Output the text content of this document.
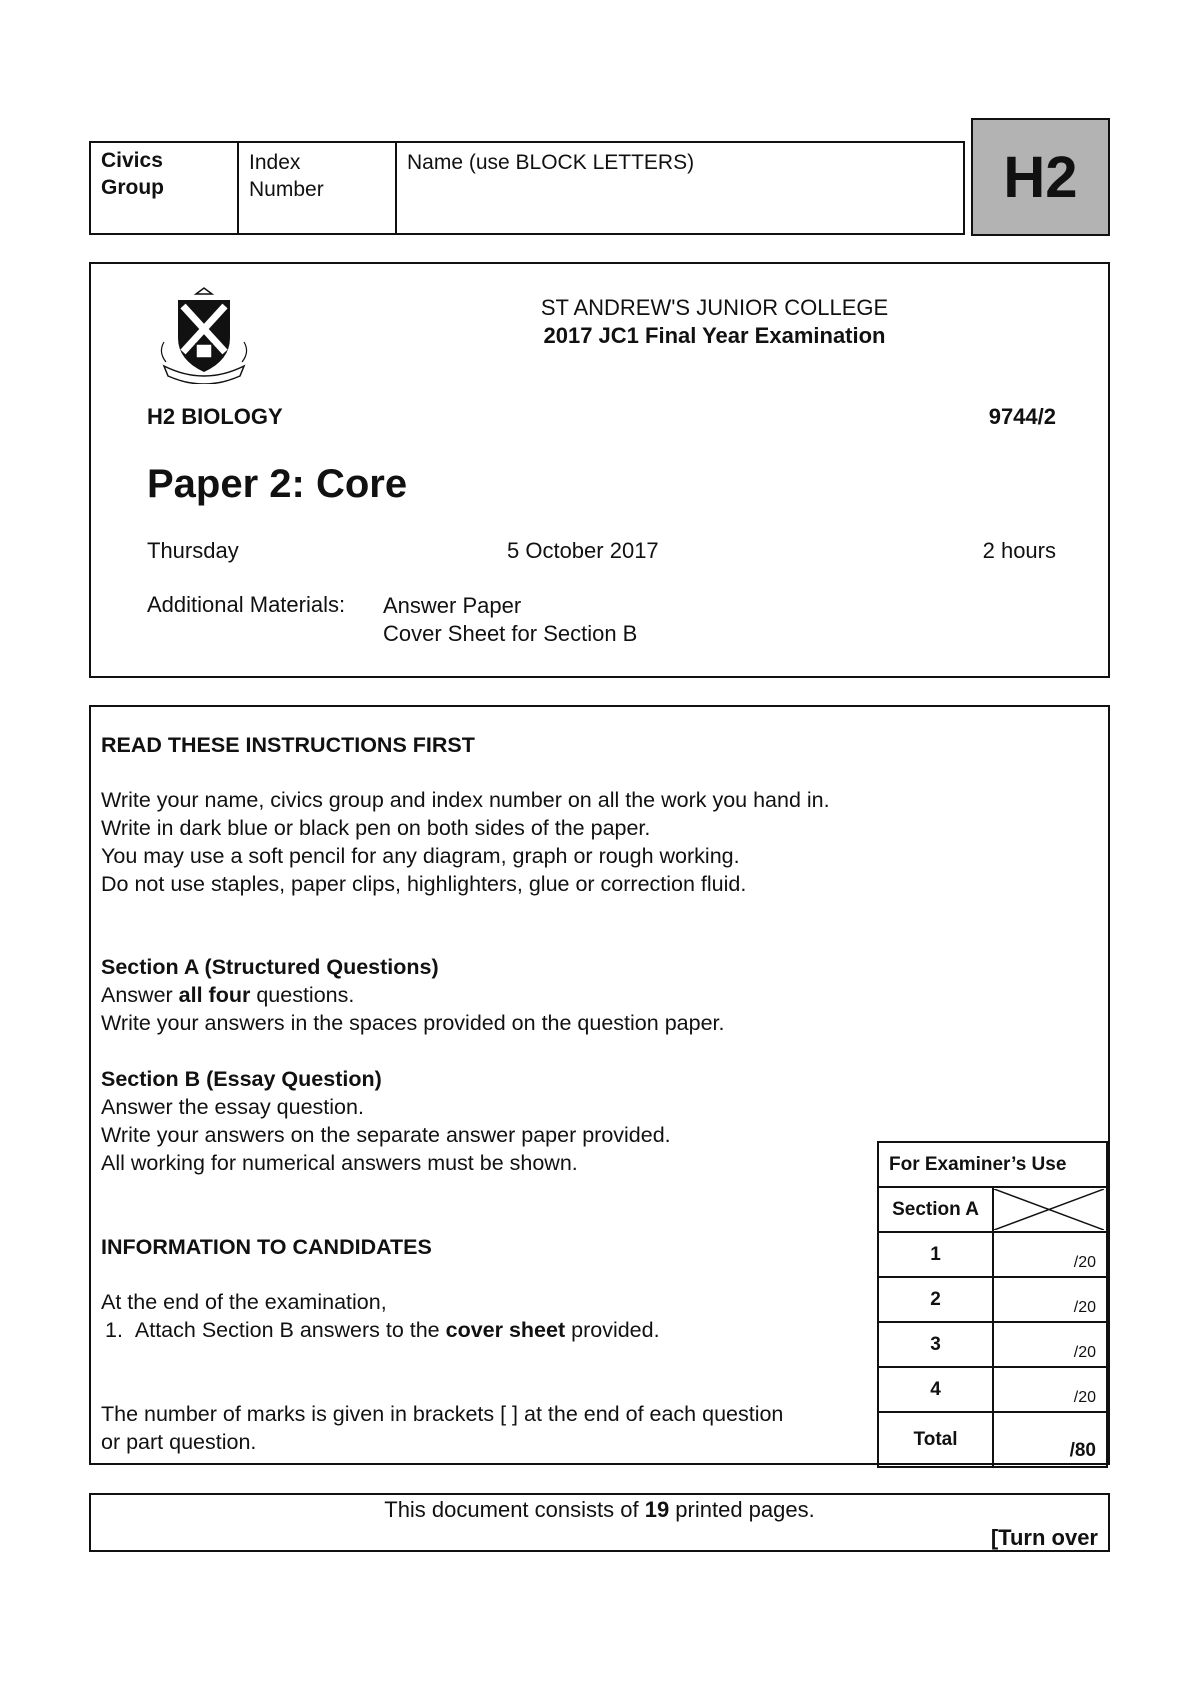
Civics
Group
Index
Number
Name (use BLOCK LETTERS)	H2
ST ANDREW'S JUNIOR COLLEGE
2017 JC1 Final Year Examination
H2 BIOLOGY	9744/2
Paper 2: Core
Thursday	5 October 2017	2 hours
Additional Materials: Answer Paper
Cover Sheet for Section B
READ THESE INSTRUCTIONS FIRST
Write your name, civics group and index number on all the work you hand in.
Write in dark blue or black pen on both sides of the paper.
You may use a soft pencil for any diagram, graph or rough working.
Do not use staples, paper clips, highlighters, glue or correction fluid.
Section A (Structured Questions)
Answer all four questions.
Write your answers in the spaces provided on the question paper.
Section B (Essay Question)
Answer the essay question.
Write your answers on the separate answer paper provided.
All working for numerical answers must be shown.
INFORMATION TO CANDIDATES
At the end of the examination,
1. Attach Section B answers to the cover sheet provided.
The number of marks is given in brackets [ ] at the end of each question or part question.
For Examiner’s Use	
Section A	

1	/20
2	/20
3	/20
4	/20
Total	/80
This document consists of 19 printed pages.
[Turn over
